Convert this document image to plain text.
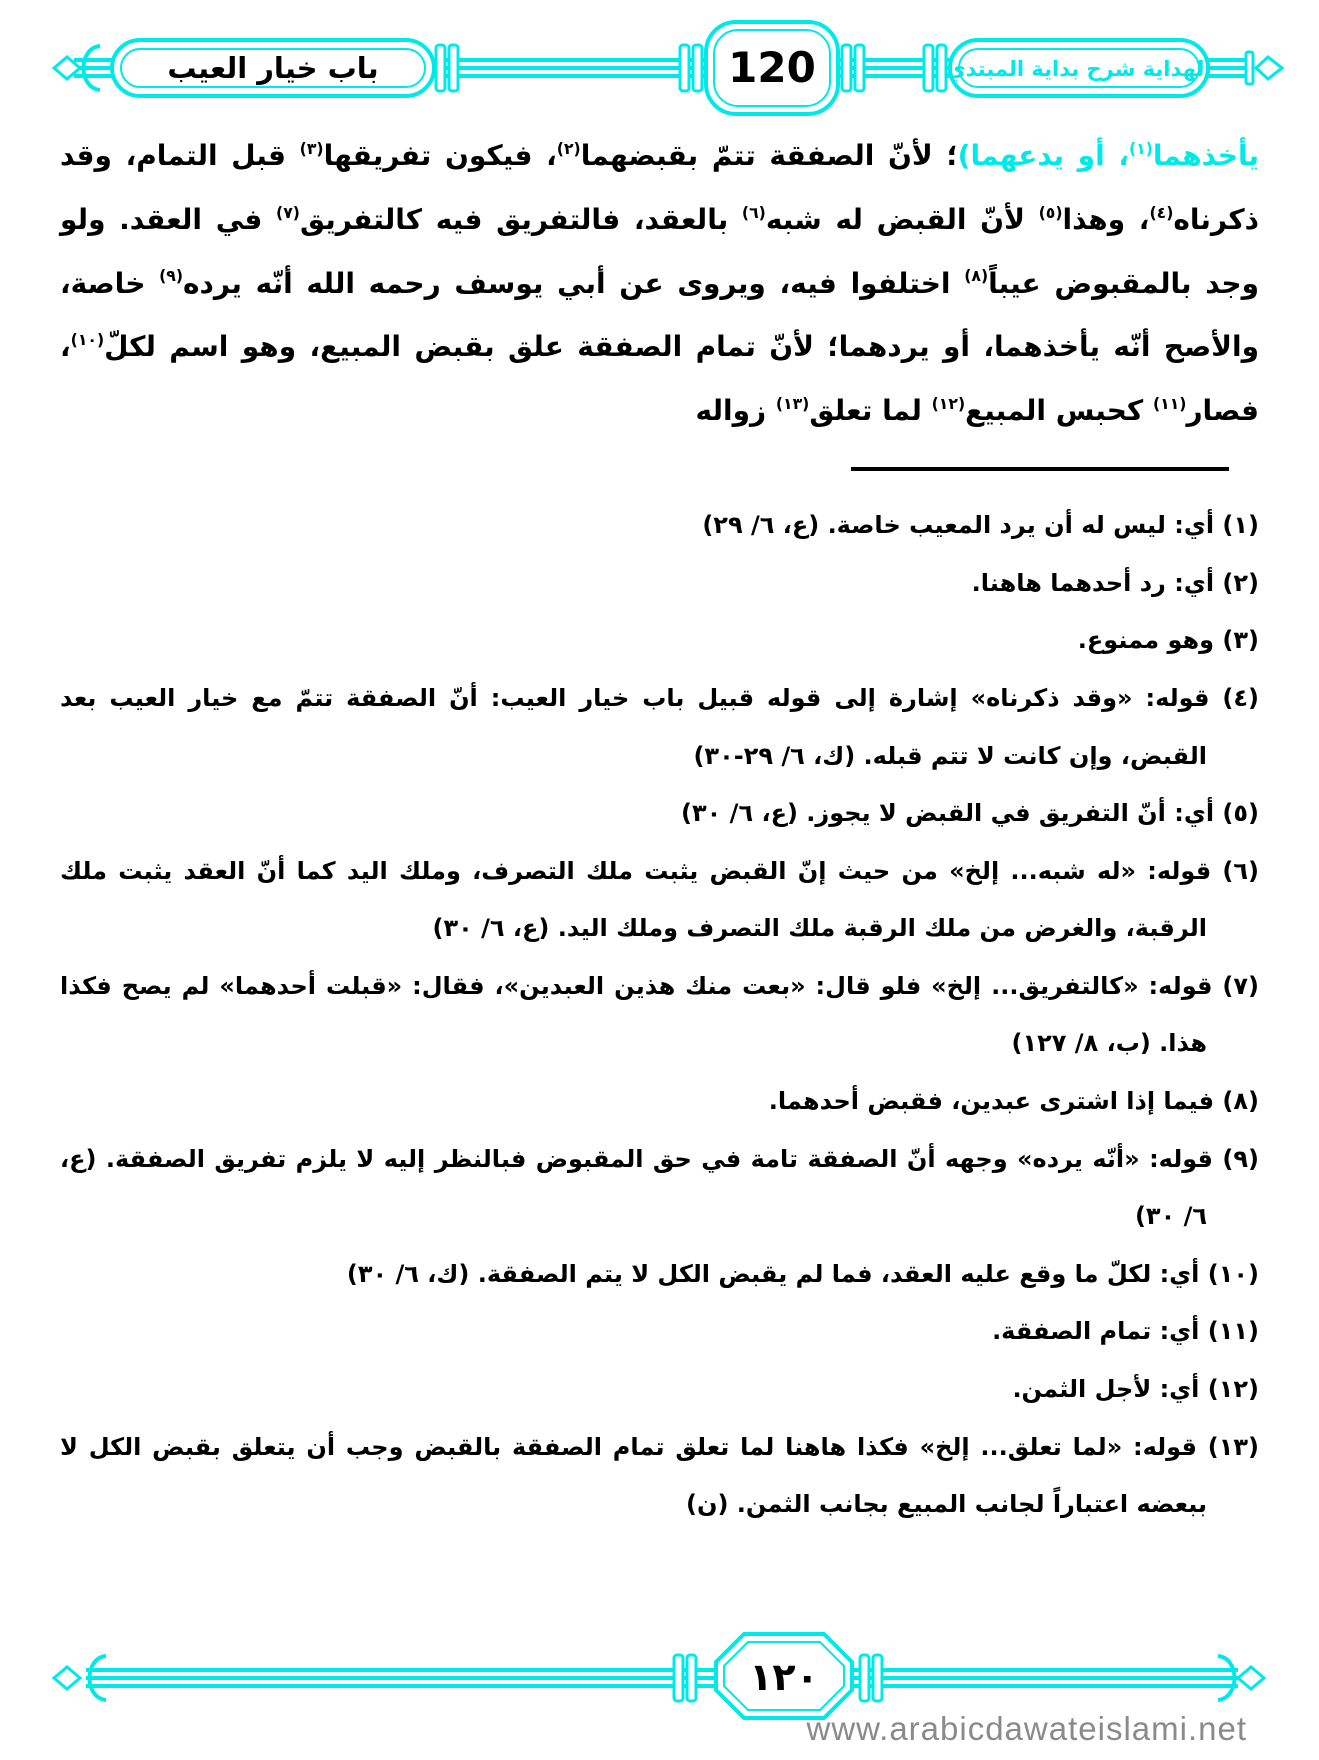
باب خيار العيب	120	الهداية شرح بداية المبتدي

يأخذهما$^{(١)}$، أو يدعهما)؛ لأنّ الصفقة تتمّ بقبضهما$^{(٢)}$، فيكون تفريقها$^{(٣)}$ قبل التمام، وقد ذكرناه$^{(٤)}$، وهذا$^{(٥)}$ لأنّ القبض له شبه$^{(٦)}$ بالعقد، فالتفريق فيه كالتفريق$^{(٧)}$ في العقد. ولو وجد بالمقبوض عيباً$^{(٨)}$ اختلفوا فيه، ويروى عن أبي يوسف رحمه الله أنّه يرده$^{(٩)}$ خاصة، والأصح أنّه يأخذهما، أو يردهما؛ لأنّ تمام الصفقة علق بقبض المبيع، وهو اسم لكلّ$^{(١٠)}$، فصار$^{(١١)}$ كحبس المبيع$^{(١٢)}$ لما تعلق$^{(١٣)}$ زواله

(١) أي: ليس له أن يرد المعيب خاصة. (ع، ٦/ ٢٩)
(٢) أي: رد أحدهما هاهنا.
(٣) وهو ممنوع.
(٤) قوله: «وقد ذكرناه» إشارة إلى قوله قبيل باب خيار العيب: أنّ الصفقة تتمّ مع خيار العيب بعد القبض، وإن كانت لا تتم قبله. (ك، ٦/ ٢٩-٣٠)
(٥) أي: أنّ التفريق في القبض لا يجوز. (ع، ٦/ ٣٠)
(٦) قوله: «له شبه... إلخ» من حيث إنّ القبض يثبت ملك التصرف، وملك اليد كما أنّ العقد يثبت ملك الرقبة، والغرض من ملك الرقبة ملك التصرف وملك اليد. (ع، ٦/ ٣٠)
(٧) قوله: «كالتفريق... إلخ» فلو قال: «بعت منك هذين العبدين»، فقال: «قبلت أحدهما» لم يصح فكذا هذا. (ب، ٨/ ١٢٧)
(٨) فيما إذا اشترى عبدين، فقبض أحدهما.
(٩) قوله: «أنّه يرده» وجهه أنّ الصفقة تامة في حق المقبوض فبالنظر إليه لا يلزم تفريق الصفقة. (ع، ٦/ ٣٠)
(١٠) أي: لكلّ ما وقع عليه العقد، فما لم يقبض الكل لا يتم الصفقة. (ك، ٦/ ٣٠)
(١١) أي: تمام الصفقة.
(١٢) أي: لأجل الثمن.
(١٣) قوله: «لما تعلق... إلخ» فكذا هاهنا لما تعلق تمام الصفقة بالقبض وجب أن يتعلق بقبض الكل لا ببعضه اعتباراً لجانب المبيع بجانب الثمن. (ن)
١٢٠
www.arabicdawateislami.net
